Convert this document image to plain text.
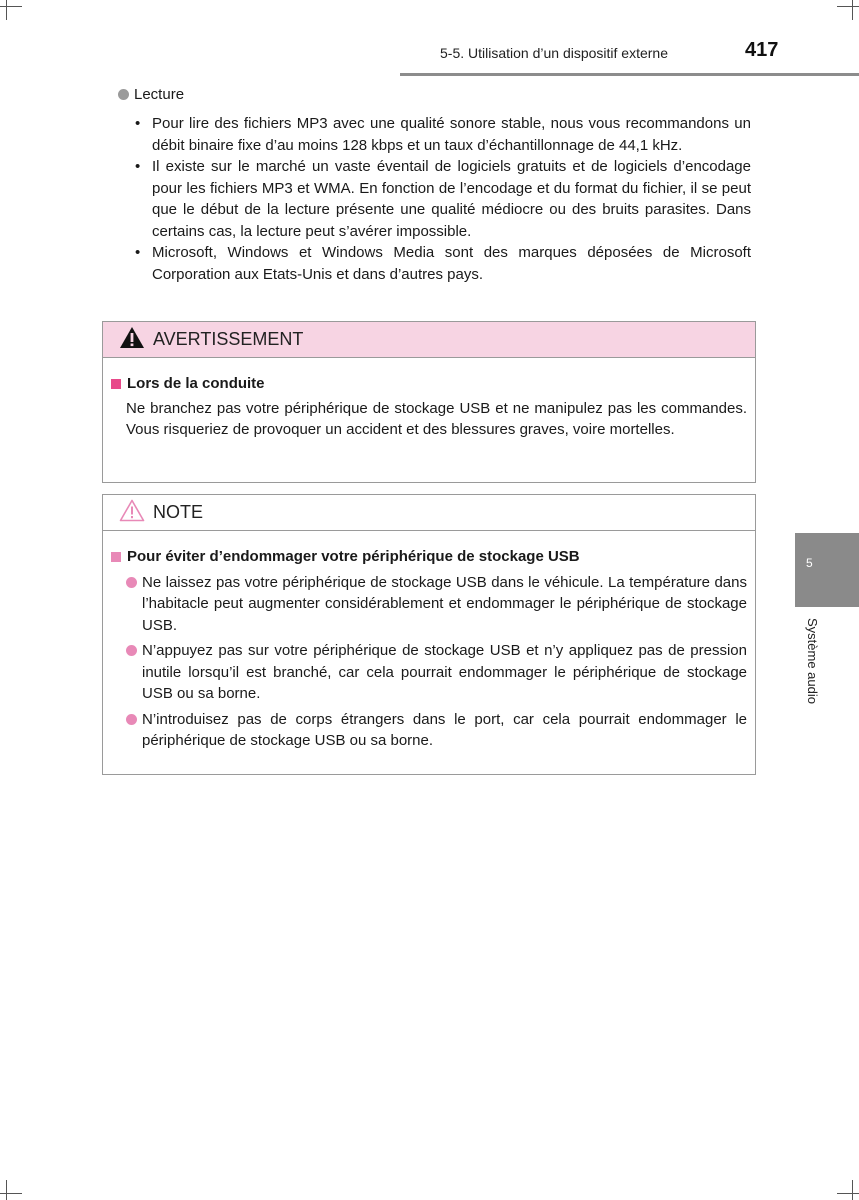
5-5. Utilisation d’un dispositif externe	417
5
Système audio
Lecture
• Pour lire des fichiers MP3 avec une qualité sonore stable, nous vous recommandons un débit binaire fixe d’au moins 128 kbps et un taux d’échantillonnage de 44,1 kHz.
• Il existe sur le marché un vaste éventail de logiciels gratuits et de logiciels d’encodage pour les fichiers MP3 et WMA. En fonction de l’encodage et du format du fichier, il se peut que le début de la lecture présente une qualité médiocre ou des bruits parasites. Dans certains cas, la lecture peut s’avérer impossible.
• Microsoft, Windows et Windows Media sont des marques déposées de Microsoft Corporation aux Etats-Unis et dans d’autres pays.
AVERTISSEMENT
Lors de la conduite
Ne branchez pas votre périphérique de stockage USB et ne manipulez pas les commandes. Vous risqueriez de provoquer un accident et des blessures graves, voire mortelles.
NOTE
Pour éviter d’endommager votre périphérique de stockage USB
Ne laissez pas votre périphérique de stockage USB dans le véhicule. La température dans l’habitacle peut augmenter considérablement et endommager le périphérique de stockage USB.
N’appuyez pas sur votre périphérique de stockage USB et n’y appliquez pas de pression inutile lorsqu’il est branché, car cela pourrait endommager le périphérique de stockage USB ou sa borne.
N’introduisez pas de corps étrangers dans le port, car cela pourrait endommager le périphérique de stockage USB ou sa borne.
